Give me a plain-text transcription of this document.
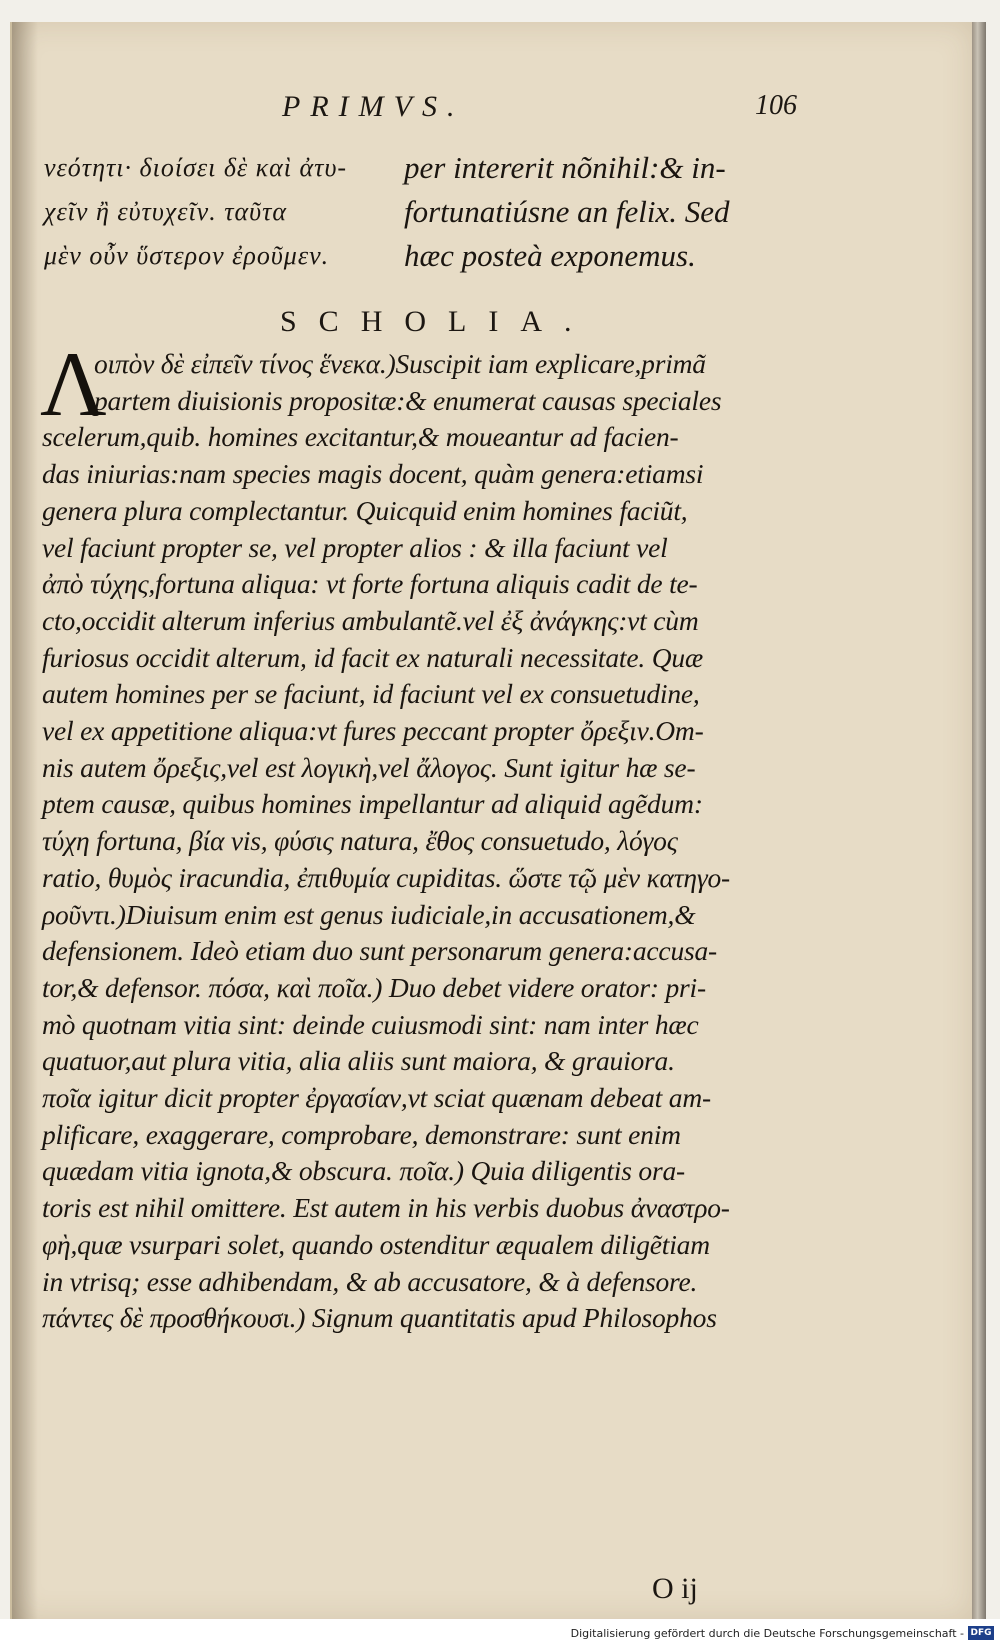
PRIMVS.	106
νεότητι· διοίσει δὲ καὶ ἀτυ-
χεῖν ἢ εὐτυχεῖν. ταῦτα
μὲν οὖν ὕστερον ἐροῦμεν.
per intererit nõnihil:& in-
fortunatiúsne an felix. Sed
hæc posteà exponemus.
SCHOLIA.
Λ
οιπὸν δὲ εἰπεῖν τίνος ἕνεκα.)Suscipit iam explicare,primã
partem diuisionis propositæ:& enumerat causas speciales
scelerum,quib. homines excitantur,& moueantur ad facien-
das iniurias:nam species magis docent, quàm genera:etiamsi
genera plura complectantur. Quicquid enim homines faciũt,
vel faciunt propter se, vel propter alios : & illa faciunt vel
ἀπὸ τύχης,fortuna aliqua: vt forte fortuna aliquis cadit de te-
cto,occidit alterum inferius ambulantẽ.vel ἐξ ἀνάγκης:vt cùm
furiosus occidit alterum, id facit ex naturali necessitate. Quæ
autem homines per se faciunt, id faciunt vel ex consuetudine,
vel ex appetitione aliqua:vt fures peccant propter ὄρεξιν.Om-
nis autem ὄρεξις,vel est λογικὴ,vel ἄλογος. Sunt igitur hæ se-
ptem causæ, quibus homines impellantur ad aliquid agẽdum:
τύχη fortuna, βία vis, φύσις natura, ἔθος consuetudo, λόγος
ratio, θυμὸς iracundia, ἐπιθυμία cupiditas. ὥστε τῷ μὲν κατηγο-
ροῦντι.)Diuisum enim est genus iudiciale,in accusationem,&
defensionem. Ideò etiam duo sunt personarum genera:accusa-
tor,& defensor. πόσα, καὶ ποῖα.) Duo debet videre orator: pri-
mò quotnam vitia sint: deinde cuiusmodi sint: nam inter hæc
quatuor,aut plura vitia, alia aliis sunt maiora, & grauiora.
ποῖα igitur dicit propter ἐργασίαν,vt sciat quænam debeat am-
plificare, exaggerare, comprobare, demonstrare: sunt enim
quædam vitia ignota,& obscura. ποῖα.) Quia diligentis ora-
toris est nihil omittere. Est autem in his verbis duobus ἀναστρο-
φὴ,quæ vsurpari solet, quando ostenditur æqualem diligẽtiam
in vtrisq; esse adhibendam, & ab accusatore, & à defensore.
πάντες δὲ προσθήκουσι.) Signum quantitatis apud Philosophos
O ij
Digitalisierung gefördert durch die Deutsche Forschungsgemeinschaft - DFG
